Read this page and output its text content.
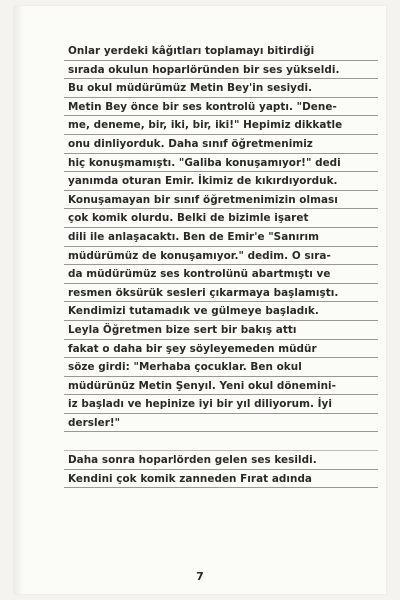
Onlar yerdeki kâğıtları toplamayı bitirdiği
sırada okulun hoparlöründen bir ses yükseldi.
Bu okul müdürümüz Metin Bey'in sesiydi.
Metin Bey önce bir ses kontrolü yaptı. "Dene-
me, deneme, bir, iki, bir, iki!" Hepimiz dikkatle
onu dinliyorduk. Daha sınıf öğretmenimiz
hiç konuşmamıştı. "Galiba konuşamıyor!" dedi
yanımda oturan Emir. İkimiz de kıkırdıyorduk.
Konuşamayan bir sınıf öğretmenimizin olması
çok komik olurdu. Belki de bizimle işaret
dili ile anlaşacaktı. Ben de Emir'e "Sanırım
müdürümüz de konuşamıyor." dedim. O sıra-
da müdürümüz ses kontrolünü abartmıştı ve
resmen öksürük sesleri çıkarmaya başlamıştı.
Kendimizi tutamadık ve gülmeye başladık.
Leyla Öğretmen bize sert bir bakış attı
fakat o daha bir şey söyleyemeden müdür
söze girdi: "Merhaba çocuklar. Ben okul
müdürünüz Metin Şenyıl. Yeni okul dönemini-
iz başladı ve hepinize iyi bir yıl diliyorum. İyi
dersler!"
Daha sonra hoparlörden gelen ses kesildi.
Kendini çok komik zanneden Fırat adında
7
